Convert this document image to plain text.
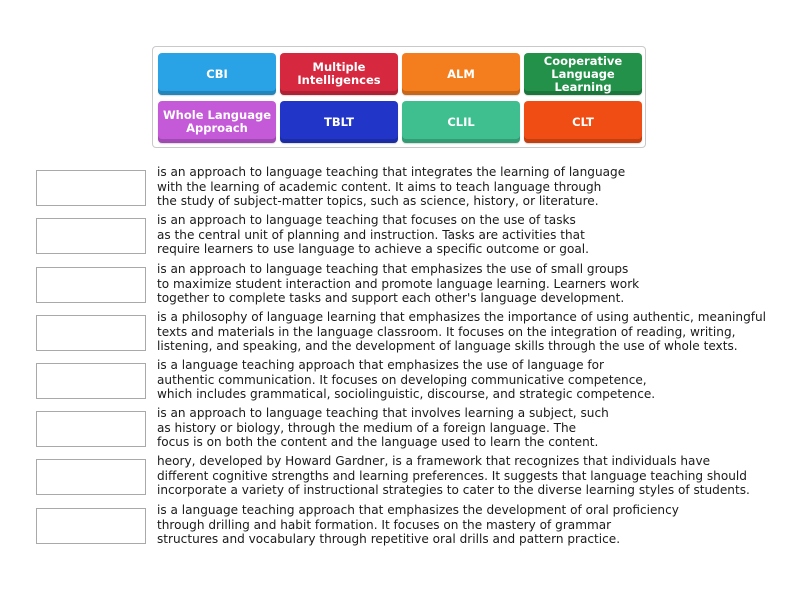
CBI	Multiple
Intelligences	ALM
Cooperative
Language Learning
Whole Language
Approach	TBLT	CLIL	CLT
is an approach to language teaching that integrates the learning of language
with the learning of academic content. It aims to teach language through
the study of subject-matter topics, such as science, history, or literature.
is an approach to language teaching that focuses on the use of tasks
as the central unit of planning and instruction. Tasks are activities that
require learners to use language to achieve a specific outcome or goal.
is an approach to language teaching that emphasizes the use of small groups
to maximize student interaction and promote language learning. Learners work
together to complete tasks and support each other's language development.
is a philosophy of language learning that emphasizes the importance of using authentic, meaningful
texts and materials in the language classroom. It focuses on the integration of reading, writing,
listening, and speaking, and the development of language skills through the use of whole texts.
is a language teaching approach that emphasizes the use of language for
authentic communication. It focuses on developing communicative competence,
which includes grammatical, sociolinguistic, discourse, and strategic competence.
is an approach to language teaching that involves learning a subject, such
as history or biology, through the medium of a foreign language. The
focus is on both the content and the language used to learn the content.
heory, developed by Howard Gardner, is a framework that recognizes that individuals have
different cognitive strengths and learning preferences. It suggests that language teaching should
incorporate a variety of instructional strategies to cater to the diverse learning styles of students.
is a language teaching approach that emphasizes the development of oral proficiency
through drilling and habit formation. It focuses on the mastery of grammar
structures and vocabulary through repetitive oral drills and pattern practice.
